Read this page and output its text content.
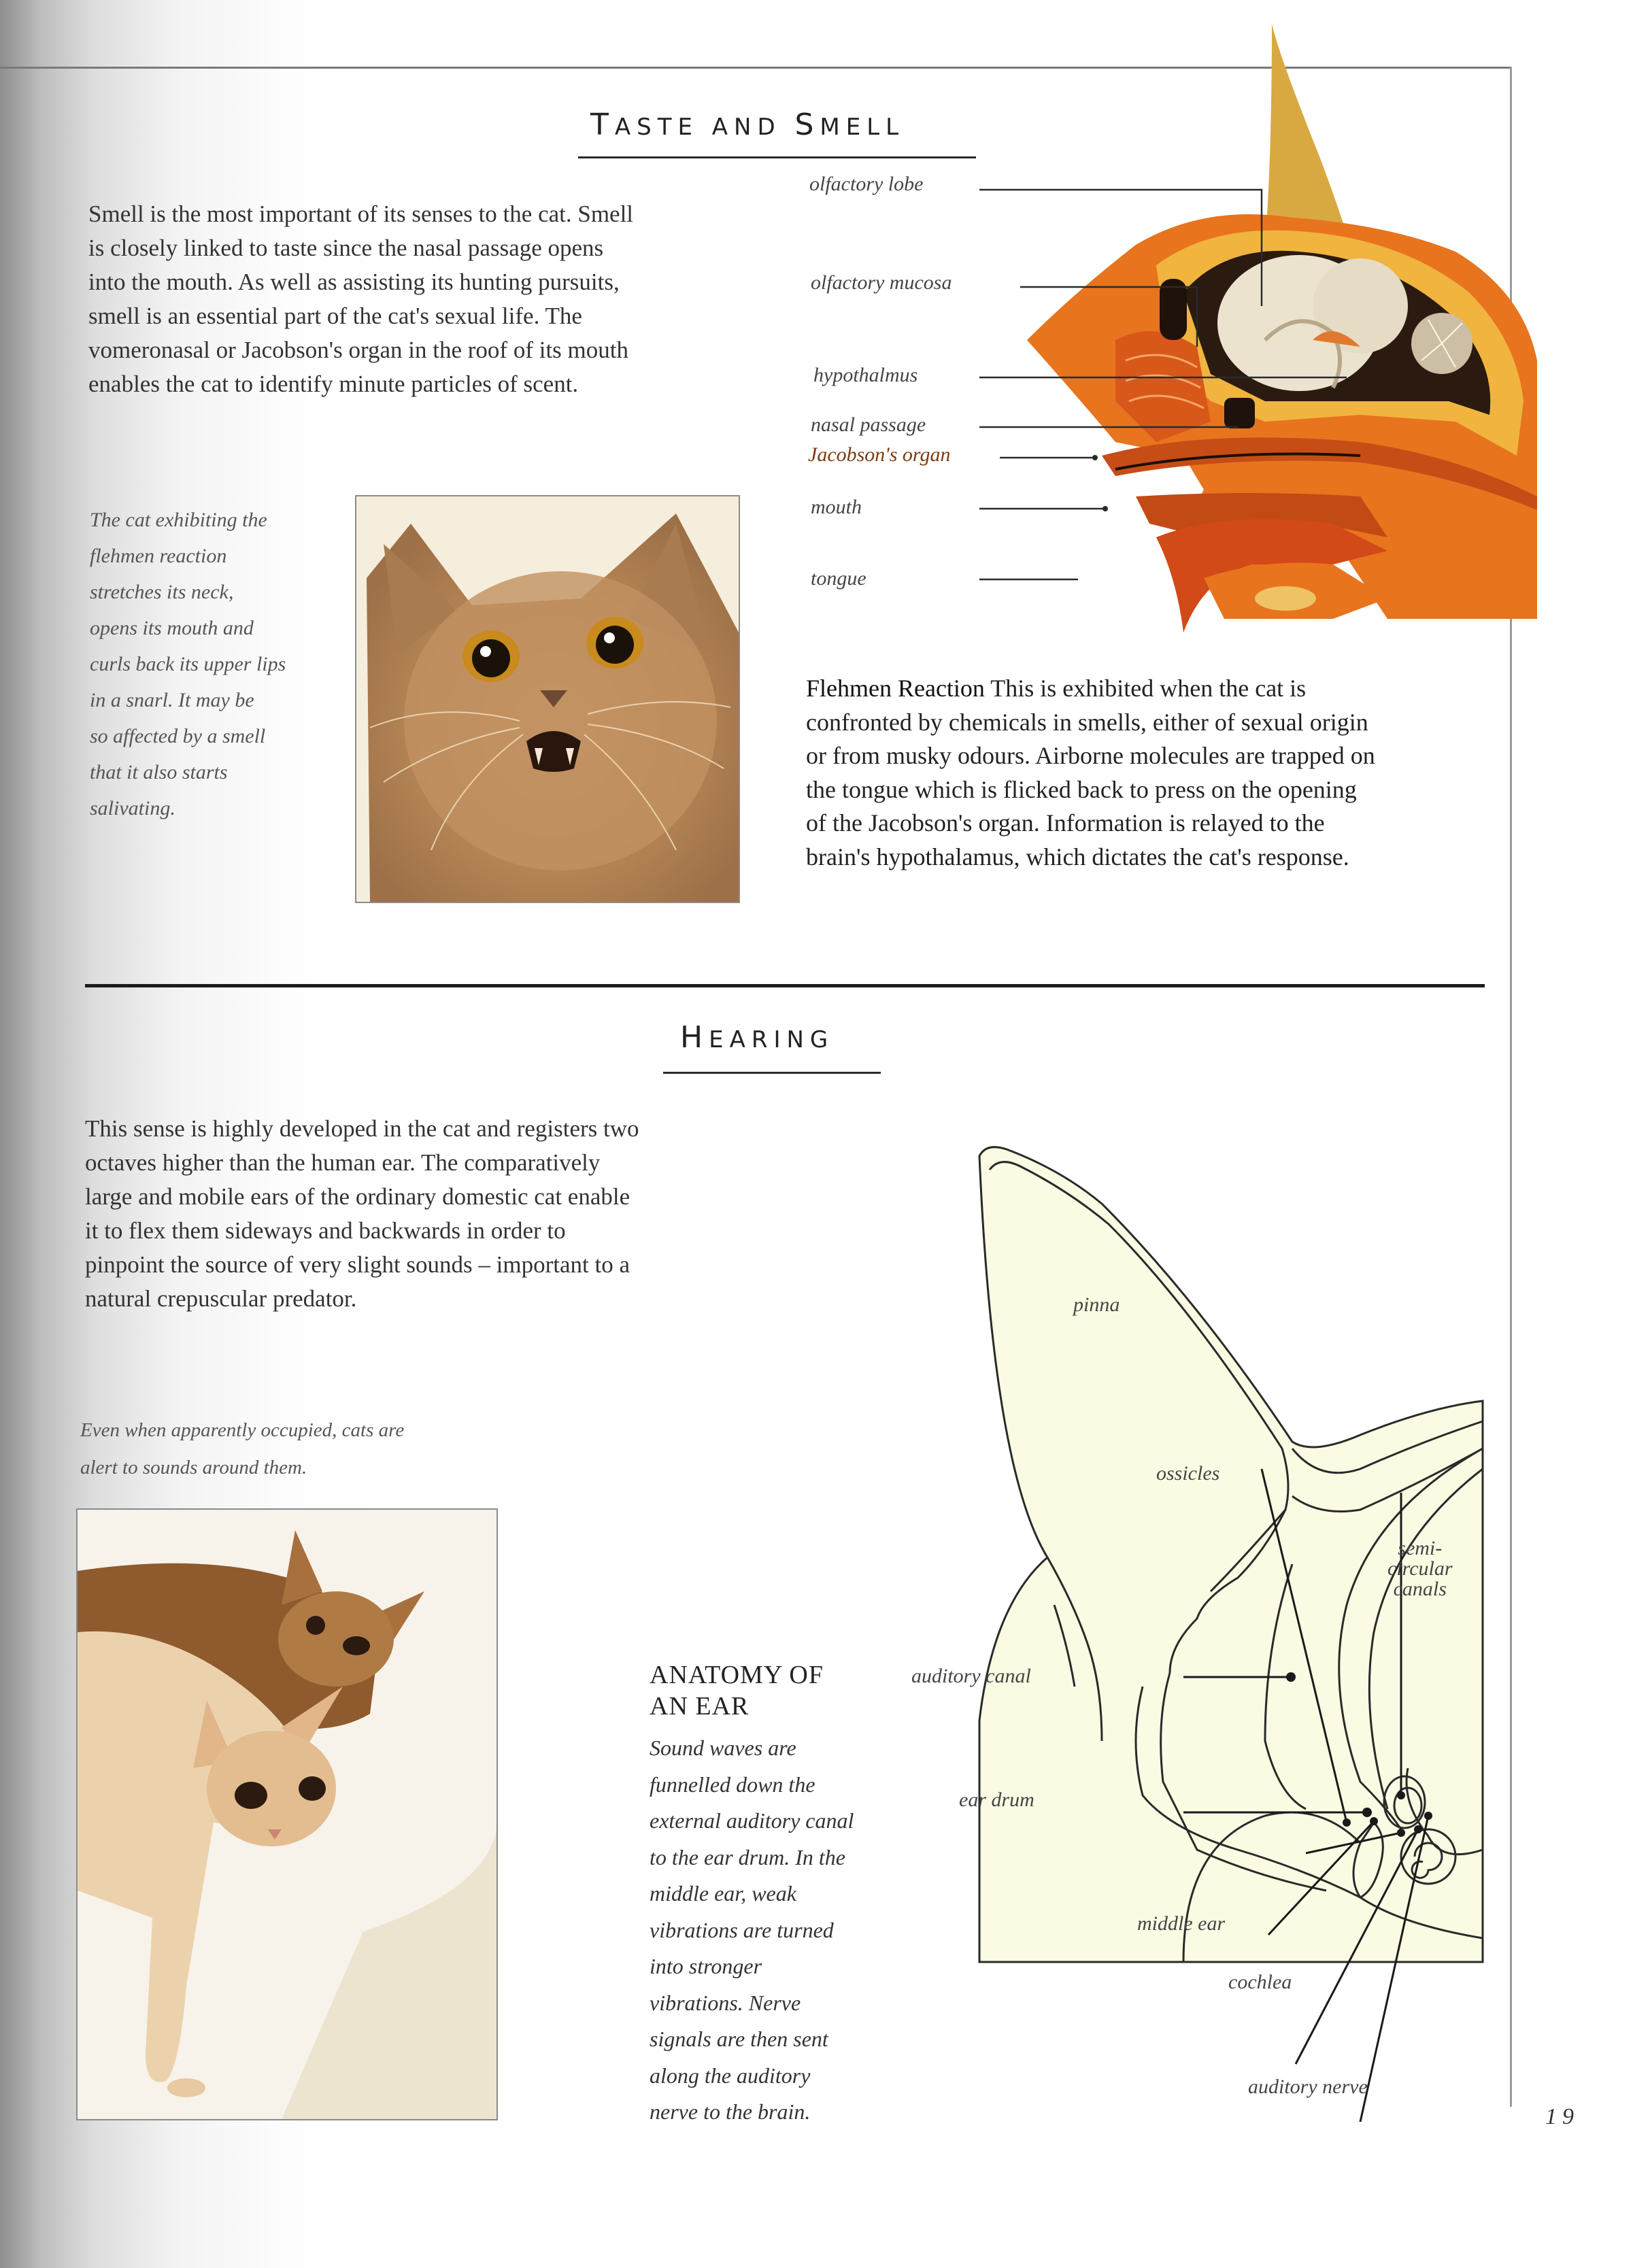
TASTE AND SMELL
Smell is the most important of its senses to the cat. Smell
is closely linked to taste since the nasal passage opens
into the mouth. As well as assisting its hunting pursuits,
smell is an essential part of the cat's sexual life. The
vomeronasal or Jacobson's organ in the roof of its mouth
enables the cat to identify minute particles of scent.
The cat exhibiting the
flehmen reaction
stretches its neck,
opens its mouth and
curls back its upper lips
in a snarl. It may be
so affected by a smell
that it also starts
salivating.
olfactory lobe
olfactory mucosa
hypothalmus
nasal passage
Jacobson's organ
mouth
tongue
Flehmen Reaction This is exhibited when the cat is
confronted by chemicals in smells, either of sexual origin
or from musky odours. Airborne molecules are trapped on
the tongue which is flicked back to press on the opening
of the Jacobson's organ. Information is relayed to the
brain's hypothalamus, which dictates the cat's response.
HEARING
This sense is highly developed in the cat and registers two
octaves higher than the human ear. The comparatively
large and mobile ears of the ordinary domestic cat enable
it to flex them sideways and backwards in order to
pinpoint the source of very slight sounds – important to a
natural crepuscular predator.
Even when apparently occupied, cats are
alert to sounds around them.
ANATOMY OF
AN EAR
Sound waves are
funnelled down the
external auditory canal
to the ear drum. In the
middle ear, weak
vibrations are turned
into stronger
vibrations. Nerve
signals are then sent
along the auditory
nerve to the brain.
pinna
ossicles
semi-
circular
canals
auditory canal
ear drum
middle ear
cochlea
auditory nerve
19
